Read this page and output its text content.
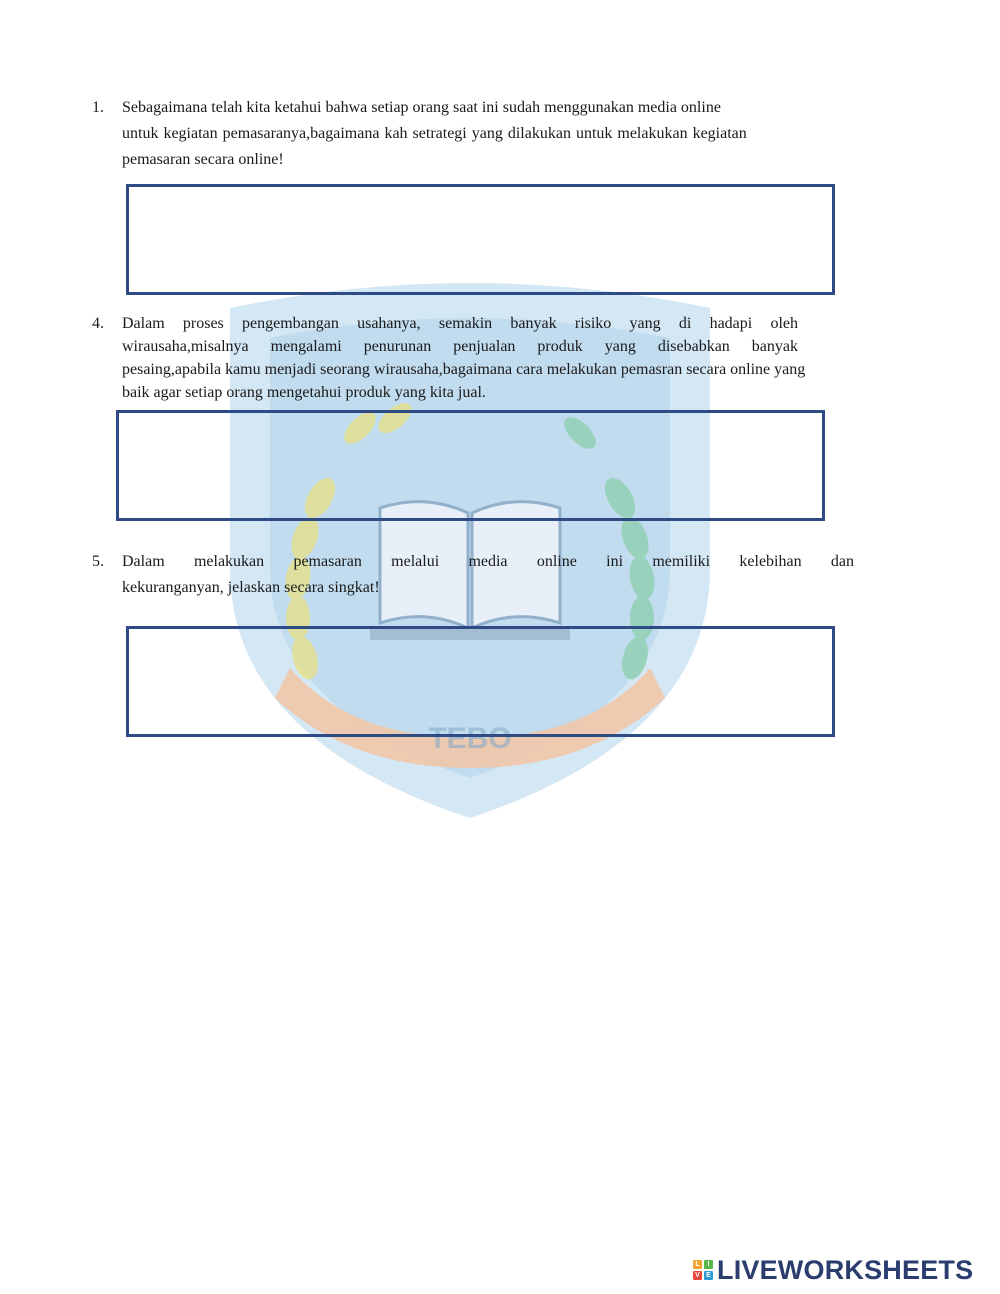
TEBO
1.	Sebagaimana telah kita ketahui bahwa setiap orang saat ini sudah menggunakan media online
untuk kegiatan pemasaranya,bagaimana kah setrategi yang dilakukan untuk melakukan kegiatan
pemasaran secara online!
4.	Dalam proses pengembangan usahanya, semakin banyak risiko yang di hadapi oleh
wirausaha,misalnya mengalami penurunan penjualan produk yang disebabkan banyak
pesaing,apabila kamu menjadi seorang wirausaha,bagaimana cara melakukan pemasran secara online yang
baik agar setiap orang mengetahui produk yang kita jual.
5.	Dalam melakukan pemasaran melalui media online ini memiliki kelebihan dan
kekuranganyan, jelaskan secara singkat!
L	I
V E LIVEWORKSHEETS
